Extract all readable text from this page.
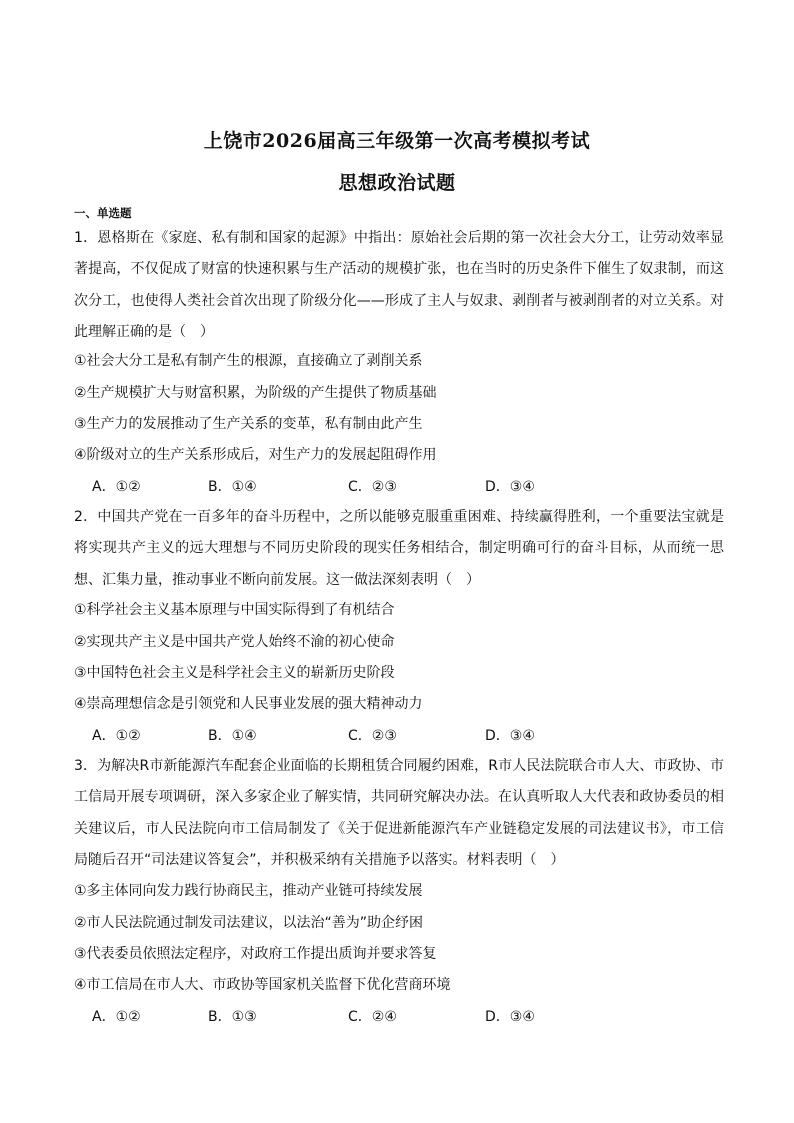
上饶市2026届高三年级第一次高考模拟考试
思想政治试题
一、单选题
1．恩格斯在《家庭、私有制和国家的起源》中指出：原始社会后期的第一次社会大分工，让劳动效率显著提高，不仅促成了财富的快速积累与生产活动的规模扩张，也在当时的历史条件下催生了奴隶制，而这次分工，也使得人类社会首次出现了阶级分化——形成了主人与奴隶、剥削者与被剥削者的对立关系。对此理解正确的是（　）
①社会大分工是私有制产生的根源，直接确立了剥削关系
②生产规模扩大与财富积累，为阶级的产生提供了物质基础
③生产力的发展推动了生产关系的变革，私有制由此产生
④阶级对立的生产关系形成后，对生产力的发展起阻碍作用
A．①②	B．①④	C．②③	D．③④
2．中国共产党在一百多年的奋斗历程中，之所以能够克服重重困难、持续赢得胜利，一个重要法宝就是将实现共产主义的远大理想与不同历史阶段的现实任务相结合，制定明确可行的奋斗目标，从而统一思想、汇集力量，推动事业不断向前发展。这一做法深刻表明（　）
①科学社会主义基本原理与中国实际得到了有机结合
②实现共产主义是中国共产党人始终不渝的初心使命
③中国特色社会主义是科学社会主义的崭新历史阶段
④崇高理想信念是引领党和人民事业发展的强大精神动力
A．①②	B．①④	C．②③	D．③④
3．为解决R市新能源汽车配套企业面临的长期租赁合同履约困难，R市人民法院联合市人大、市政协、市工信局开展专项调研，深入多家企业了解实情，共同研究解决办法。在认真听取人大代表和政协委员的相关建议后，市人民法院向市工信局制发了《关于促进新能源汽车产业链稳定发展的司法建议书》，市工信局随后召开“司法建议答复会”，并积极采纳有关措施予以落实。材料表明（　）
①多主体同向发力践行协商民主，推动产业链可持续发展
②市人民法院通过制发司法建议，以法治“善为”助企纾困
③代表委员依照法定程序，对政府工作提出质询并要求答复
④市工信局在市人大、市政协等国家机关监督下优化营商环境
A．①②	B．①③	C．②④	D．③④
